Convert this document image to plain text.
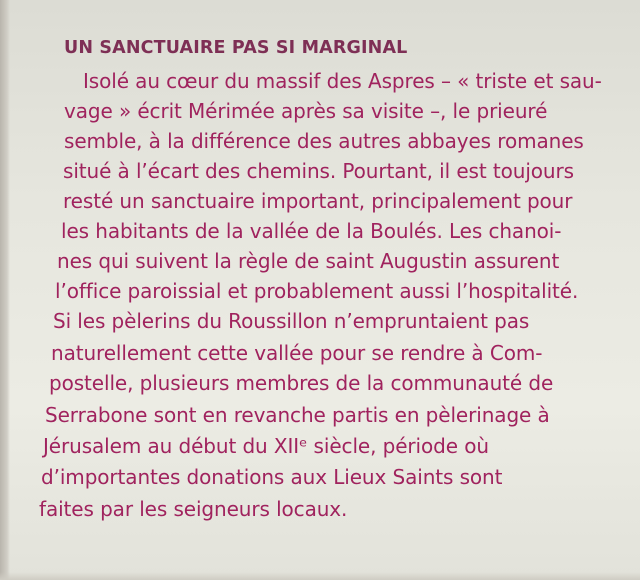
UN SANCTUAIRE PAS SI MARGINAL
Isolé au cœur du massif des Aspres – « triste et sau-
vage » écrit Mérimée après sa visite –, le prieuré
semble, à la différence des autres abbayes romanes
situé à l’écart des chemins. Pourtant, il est toujours
resté un sanctuaire important, principalement pour
les habitants de la vallée de la Boulés. Les chanoi-
nes qui suivent la règle de saint Augustin assurent
l’office paroissial et probablement aussi l’hospitalité.
Si les pèlerins du Roussillon n’empruntaient pas
naturellement cette vallée pour se rendre à Com-
postelle, plusieurs membres de la communauté de
Serrabone sont en revanche partis en pèlerinage à
Jérusalem au début du XIIᵉ siècle, période où
d’importantes donations aux Lieux Saints sont
faites par les seigneurs locaux.
